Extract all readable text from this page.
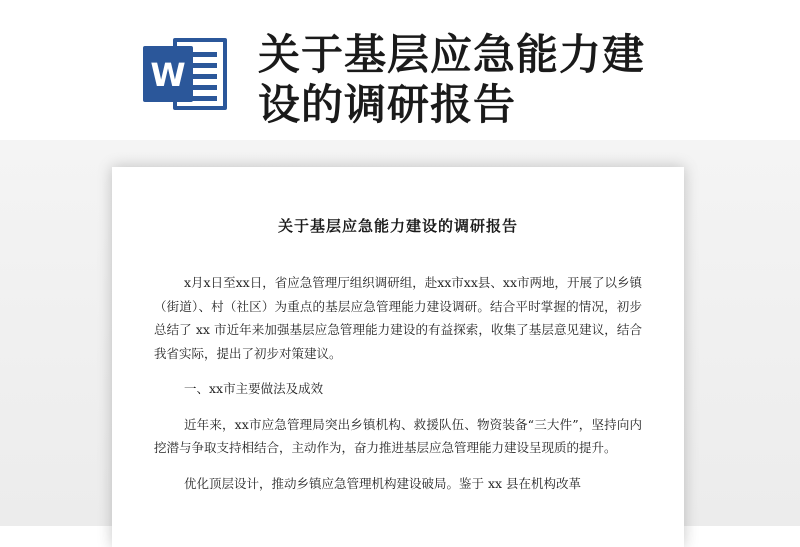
W 关于基层应急能力建设的调研报告
关于基层应急能力建设的调研报告

x月x日至xx日，省应急管理厅组织调研组，赴xx市xx县、xx市两地，开展了以乡镇（街道）、村（社区）为重点的基层应急管理能力建设调研。结合平时掌握的情况，初步总结了 xx 市近年来加强基层应急管理能力建设的有益探索，收集了基层意见建议，结合我省实际，提出了初步对策建议。

一、xx市主要做法及成效

近年来，xx市应急管理局突出乡镇机构、救援队伍、物资装备“三大件”，坚持向内挖潜与争取支持相结合，主动作为，奋力推进基层应急管理能力建设呈现质的提升。

优化顶层设计，推动乡镇应急管理机构建设破局。鉴于 xx 县在机构改革
